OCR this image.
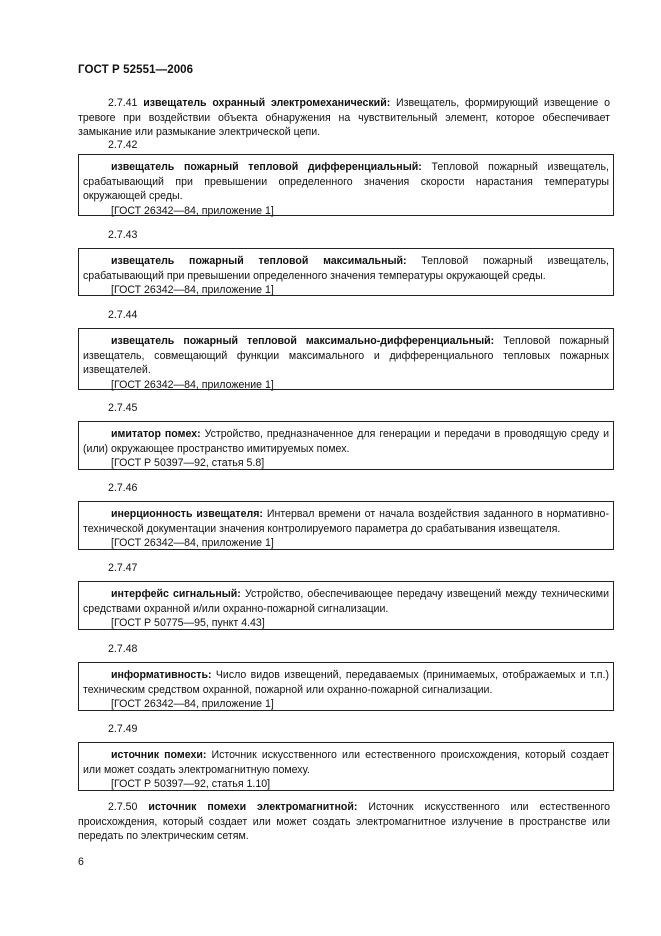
ГОСТ Р 52551—2006
2.7.41 извещатель охранный электромеханический: Извещатель, формирующий извещение о тревоге при воздействии объекта обнаружения на чувствительный элемент, которое обеспечивает замыкание или размыкание электрической цепи.
2.7.42

извещатель пожарный тепловой дифференциальный: Тепловой пожарный извещатель, срабатывающий при превышении определенного значения скорости нарастания температуры окружающей среды.

[ГОСТ 26342—84, приложение 1]

2.7.43

извещатель пожарный тепловой максимальный: Тепловой пожарный извещатель, срабатывающий при превышении определенного значения температуры окружающей среды.

[ГОСТ 26342—84, приложение 1]

2.7.44

извещатель пожарный тепловой максимально-дифференциальный: Тепловой пожарный извещатель, совмещающий функции максимального и дифференциального тепловых пожарных извещателей.

[ГОСТ 26342—84, приложение 1]

2.7.45

имитатор помех: Устройство, предназначенное для генерации и передачи в проводящую среду и (или) окружающее пространство имитируемых помех.

[ГОСТ Р 50397—92, статья 5.8]

2.7.46

инерционность извещателя: Интервал времени от начала воздействия заданного в нормативно-технической документации значения контролируемого параметра до срабатывания извещателя.

[ГОСТ 26342—84, приложение 1]

2.7.47

интерфейс сигнальный: Устройство, обеспечивающее передачу извещений между техническими средствами охранной и/или охранно-пожарной сигнализации.

[ГОСТ Р 50775—95, пункт 4.43]

2.7.48

информативность: Число видов извещений, передаваемых (принимаемых, отображаемых и т.п.) техническим средством охранной, пожарной или охранно-пожарной сигнализации.

[ГОСТ 26342—84, приложение 1]

2.7.49

источник помехи: Источник искусственного или естественного происхождения, который создает или может создать электромагнитную помеху.

[ГОСТ Р 50397—92, статья 1.10]

2.7.50 источник помехи электромагнитной: Источник искусственного или естественного происхождения, который создает или может создать электромагнитное излучение в пространстве или передать по электрическим сетям.
6
